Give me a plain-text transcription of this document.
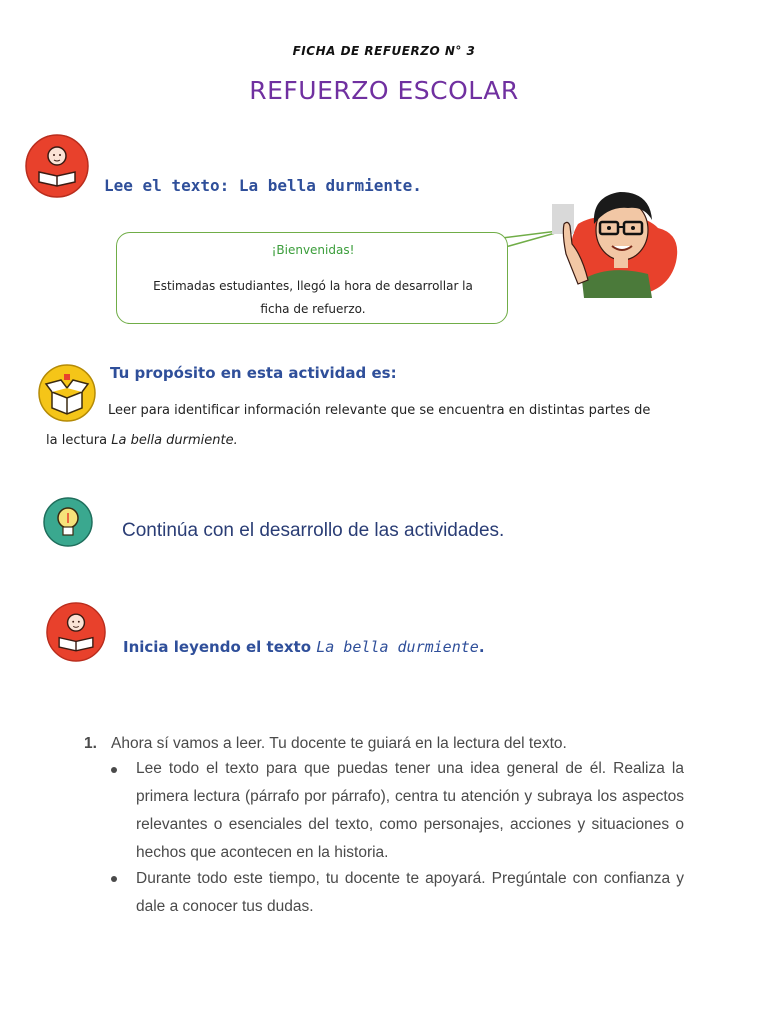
FICHA DE REFUERZO N° 3
REFUERZO ESCOLAR
Lee el texto: La bella durmiente.
¡Bienvenidas!
Estimadas estudiantes, llegó la hora de desarrollar la
ficha de refuerzo.
Tu propósito en esta actividad es:
Leer para identificar información relevante que se encuentra en distintas partes de
la lectura La bella durmiente.
Continúa con el desarrollo de las actividades.
Inicia leyendo el texto La bella durmiente.
1. Ahora sí vamos a leer. Tu docente te guiará en la lectura del texto.
Lee todo el texto para que puedas tener una idea general de él. Realiza la primera lectura (párrafo por párrafo), centra tu atención y subraya los aspectos relevantes o esenciales del texto, como personajes, acciones y situaciones o hechos que acontecen en la historia.
Durante todo este tiempo, tu docente te apoyará. Pregúntale con confianza y dale a conocer tus dudas.
